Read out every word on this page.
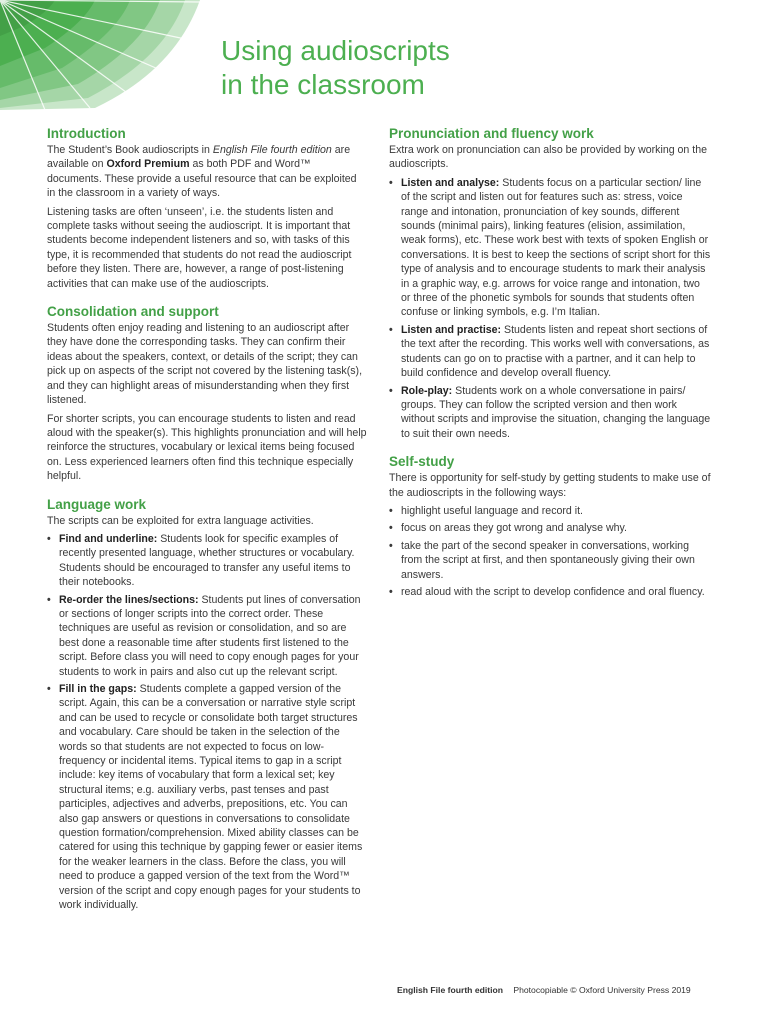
Using audioscripts
in the classroom
Introduction

The Student’s Book audioscripts in English File fourth edition are available on Oxford Premium as both PDF and Word™ documents. These provide a useful resource that can be exploited in the classroom in a variety of ways.

Listening tasks are often ‘unseen’, i.e. the students listen and complete tasks without seeing the audioscript. It is important that students become independent listeners and so, with tasks of this type, it is recommended that students do not read the audioscript before they listen. There are, however, a range of post-listening activities that can make use of the audioscripts.

Consolidation and support

Students often enjoy reading and listening to an audioscript after they have done the corresponding tasks. They can confirm their ideas about the speakers, context, or details of the script; they can pick up on aspects of the script not covered by the listening task(s), and they can highlight areas of misunderstanding when they first listened.

For shorter scripts, you can encourage students to listen and read aloud with the speaker(s). This highlights pronunciation and will help reinforce the structures, vocabulary or lexical items being focused on. Less experienced learners often find this technique especially helpful.

Language work

The scripts can be exploited for extra language activities.

• Find and underline: Students look for specific examples of recently presented language, whether structures or vocabulary. Students should be encouraged to transfer any useful items to their notebooks.
• Re-order the lines/sections: Students put lines of conversation or sections of longer scripts into the correct order. These techniques are useful as revision or consolidation, and so are best done a reasonable time after students first listened to the script. Before class you will need to copy enough pages for your students to work in pairs and also cut up the relevant script.
• Fill in the gaps: Students complete a gapped version of the script. Again, this can be a conversation or narrative style script and can be used to recycle or consolidate both target structures and vocabulary. Care should be taken in the selection of the words so that students are not expected to focus on low-frequency or incidental items. Typical items to gap in a script include: key items of vocabulary that form a lexical set; key structural items; e.g. auxiliary verbs, past tenses and past participles, adjectives and adverbs, prepositions, etc. You can also gap answers or questions in conversations to consolidate question formation/comprehension. Mixed ability classes can be catered for using this technique by gapping fewer or easier items for the weaker learners in the class. Before the class, you will need to produce a gapped version of the text from the Word™ version of the script and copy enough pages for your students to work individually.
Pronunciation and fluency work

Extra work on pronunciation can also be provided by working on the audioscripts.

• Listen and analyse: Students focus on a particular section/ line of the script and listen out for features such as: stress, voice range and intonation, pronunciation of key sounds, different sounds (minimal pairs), linking features (elision, assimilation, weak forms), etc. These work best with texts of spoken English or conversations. It is best to keep the sections of script short for this type of analysis and to encourage students to mark their analysis in a graphic way, e.g. arrows for voice range and intonation, two or three of the phonetic symbols for sounds that students often confuse or linking symbols, e.g. I’m Italian.
• Listen and practise: Students listen and repeat short sections of the text after the recording. This works well with conversations, as students can go on to practise with a partner, and it can help to build confidence and develop overall fluency.
• Role-play: Students work on a whole conversatione in pairs/ groups. They can follow the scripted version and then work without scripts and improvise the situation, changing the language to suit their own needs.
Self-study

There is opportunity for self-study by getting students to make use of the audioscripts in the following ways:

• highlight useful language and record it.
• focus on areas they got wrong and analyse why.
• take the part of the second speaker in conversations, working from the script at first, and then spontaneously giving their own answers.
• read aloud with the script to develop confidence and oral fluency.
English File fourth edition Photocopiable © Oxford University Press 2019
